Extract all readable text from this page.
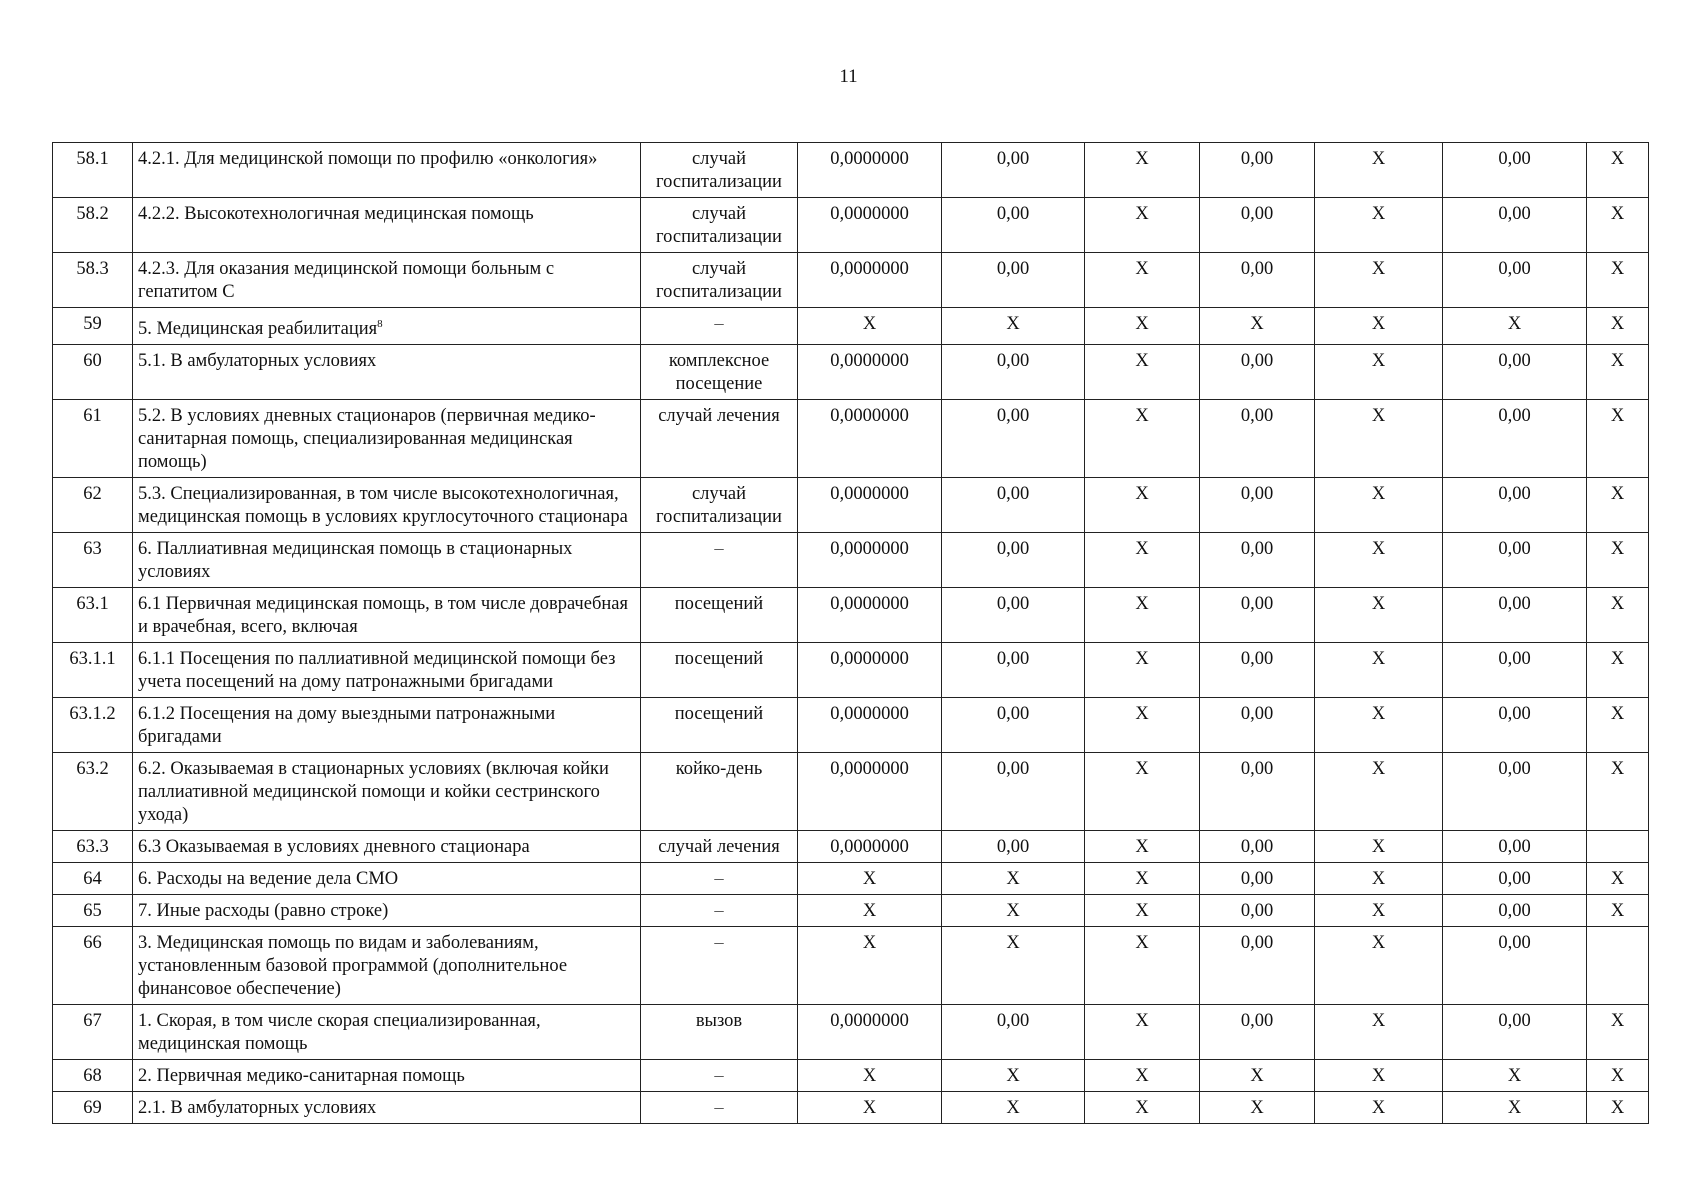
11
58.1	4.2.1. Для медицинской помощи по профилю «онкология»	случай госпитализации	0,0000000	0,00	X	0,00	X	0,00	X
58.2	4.2.2. Высокотехнологичная медицинская помощь	случай госпитализации	0,0000000	0,00	X	0,00	X	0,00	X
58.3	4.2.3. Для оказания медицинской помощи больным с гепатитом С	случай госпитализации	0,0000000	0,00	X	0,00	X	0,00	X
59	5. Медицинская реабилитация$^8$	–	X	X	X	X	X	X	X
60	5.1. В амбулаторных условиях	комплексное посещение	0,0000000	0,00	X	0,00	X	0,00	X
61	5.2. В условиях дневных стационаров (первичная медико-санитарная помощь, специализированная медицинская помощь)	случай лечения	0,0000000	0,00	X	0,00	X	0,00	X
62	5.3. Специализированная, в том числе высокотехнологичная, медицинская помощь в условиях круглосуточного стационара	случай госпитализации	0,0000000	0,00	X	0,00	X	0,00	X
63	6. Паллиативная медицинская помощь в стационарных условиях	–	0,0000000	0,00	X	0,00	X	0,00	X
63.1	6.1 Первичная медицинская помощь, в том числе доврачебная и врачебная, всего, включая	посещений	0,0000000	0,00	X	0,00	X	0,00	X
63.1.1	6.1.1 Посещения по паллиативной медицинской помощи без учета посещений на дому патронажными бригадами	посещений	0,0000000	0,00	X	0,00	X	0,00	X
63.1.2	6.1.2 Посещения на дому выездными патронажными бригадами	посещений	0,0000000	0,00	X	0,00	X	0,00	X
63.2	6.2. Оказываемая в стационарных условиях (включая койки паллиативной медицинской помощи и койки сестринского ухода)	койко-день	0,0000000	0,00	X	0,00	X	0,00	X
63.3	6.3 Оказываемая в условиях дневного стационара	случай лечения	0,0000000	0,00	X	0,00	X	0,00	
64	6. Расходы на ведение дела СМО	–	X	X	X	0,00	X	0,00	X
65	7. Иные расходы (равно строке)	–	X	X	X	0,00	X	0,00	X
66	3. Медицинская помощь по видам и заболеваниям, установленным базовой программой (дополнительное финансовое обеспечение)	–	X	X	X	0,00	X	0,00	
67	1. Скорая, в том числе скорая специализированная, медицинская помощь	вызов	0,0000000	0,00	X	0,00	X	0,00	X
68	2. Первичная медико-санитарная помощь	–	X	X	X	X	X	X	X
69	2.1. В амбулаторных условиях	–	X	X	X	X	X	X	X
